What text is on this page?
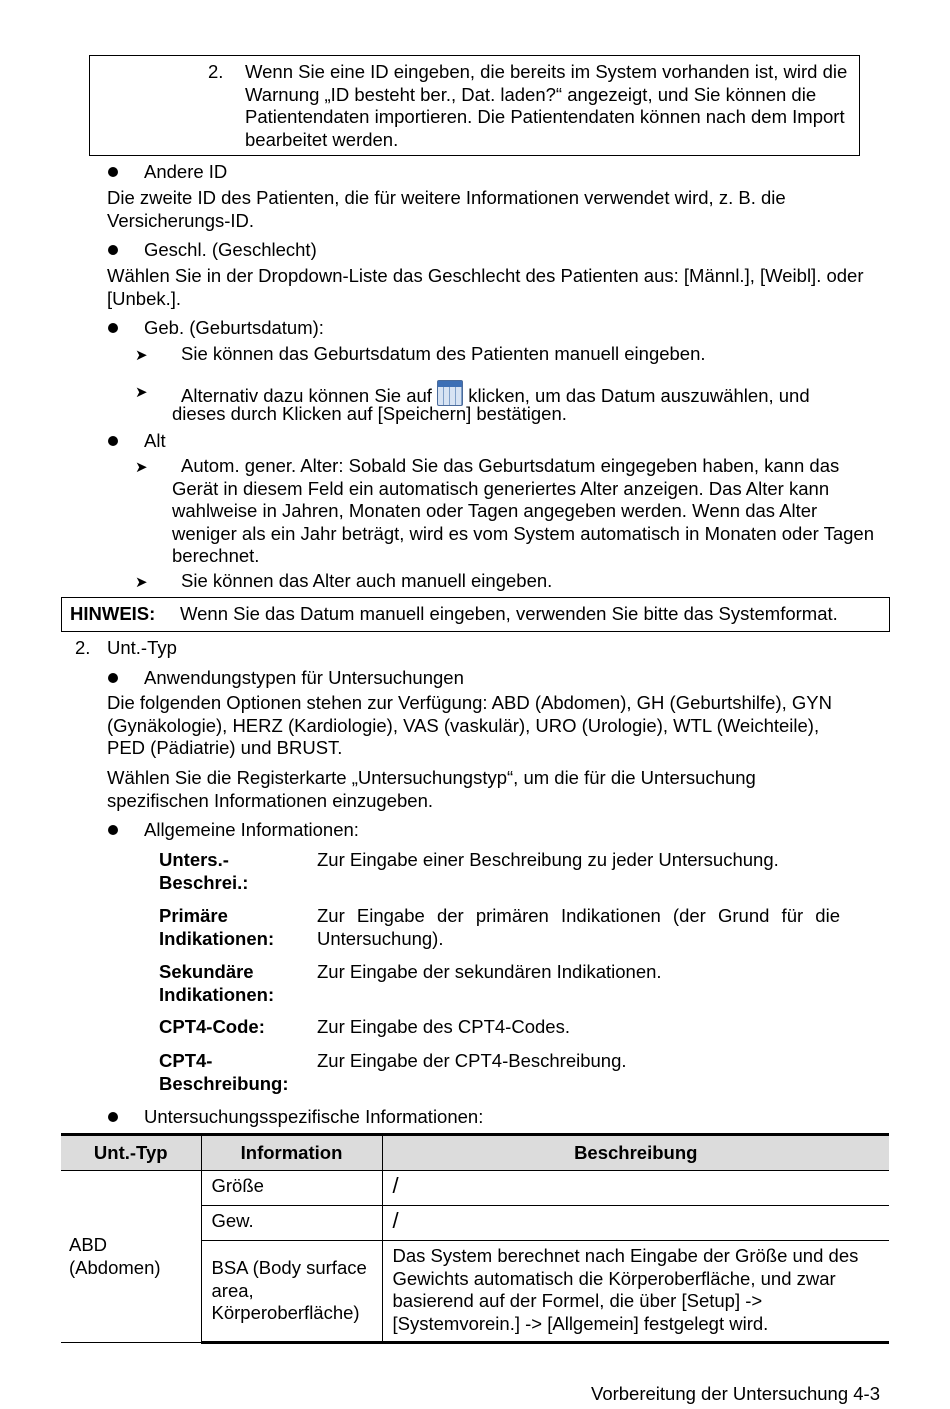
2. Wenn Sie eine ID eingeben, die bereits im System vorhanden ist, wird die Warnung „ID besteht ber., Dat. laden?“ angezeigt, und Sie können die Patientendaten importieren. Die Patientendaten können nach dem Import bearbeitet werden.
Andere ID
Die zweite ID des Patienten, die für weitere Informationen verwendet wird, z. B. die Versicherungs-ID.
Geschl. (Geschlecht)
Wählen Sie in der Dropdown-Liste das Geschlecht des Patienten aus: [Männl.], [Weibl]. oder [Unbek.].
Geb. (Geburtsdatum):
➤ Sie können das Geburtsdatum des Patienten manuell eingeben.
➤ Alternativ dazu können Sie auf klicken, um das Datum auszuwählen, und
dieses durch Klicken auf [Speichern] bestätigen.
Alt
➤	Autom. gener. Alter: Sobald Sie das Geburtsdatum eingegeben haben, kann das Gerät in diesem Feld ein automatisch generiertes Alter anzeigen. Das Alter kann wahlweise in Jahren, Monaten oder Tagen angegeben werden. Wenn das Alter weniger als ein Jahr beträgt, wird es vom System automatisch in Monaten oder Tagen berechnet.
➤ Sie können das Alter auch manuell eingeben.
HINWEIS: Wenn Sie das Datum manuell eingeben, verwenden Sie bitte das Systemformat.
2. Unt.-Typ
Anwendungstypen für Untersuchungen
Die folgenden Optionen stehen zur Verfügung: ABD (Abdomen), GH (Geburtshilfe), GYN (Gynäkologie), HERZ (Kardiologie), VAS (vaskulär), URO (Urologie), WTL (Weichteile), PED (Pädiatrie) und BRUST.
Wählen Sie die Registerkarte „Untersuchungstyp“, um die für die Untersuchung spezifischen Informationen einzugeben.
Allgemeine Informationen:
Unters.- Beschrei.:
Zur Eingabe einer Beschreibung zu jeder Untersuchung.
Primäre Indikationen:
Zur Eingabe der primären Indikationen (der Grund für die Untersuchung).
Sekundäre Indikationen:
Zur Eingabe der sekundären Indikationen.
CPT4-Code:	Zur Eingabe des CPT4-Codes.
CPT4- Beschreibung:
Zur Eingabe der CPT4-Beschreibung.
Untersuchungsspezifische Informationen:
Unt.-Typ	Information	Beschreibung
ABD (Abdomen)	Größe	/
	Gew.	/
	BSA (Body surface area, Körperoberfläche)	Das System berechnet nach Eingabe der Größe und des Gewichts automatisch die Körperoberfläche, und zwar basierend auf der Formel, die über [Setup] -> [Systemvorein.] -> [Allgemein] festgelegt wird.
Vorbereitung der Untersuchung 4-3
